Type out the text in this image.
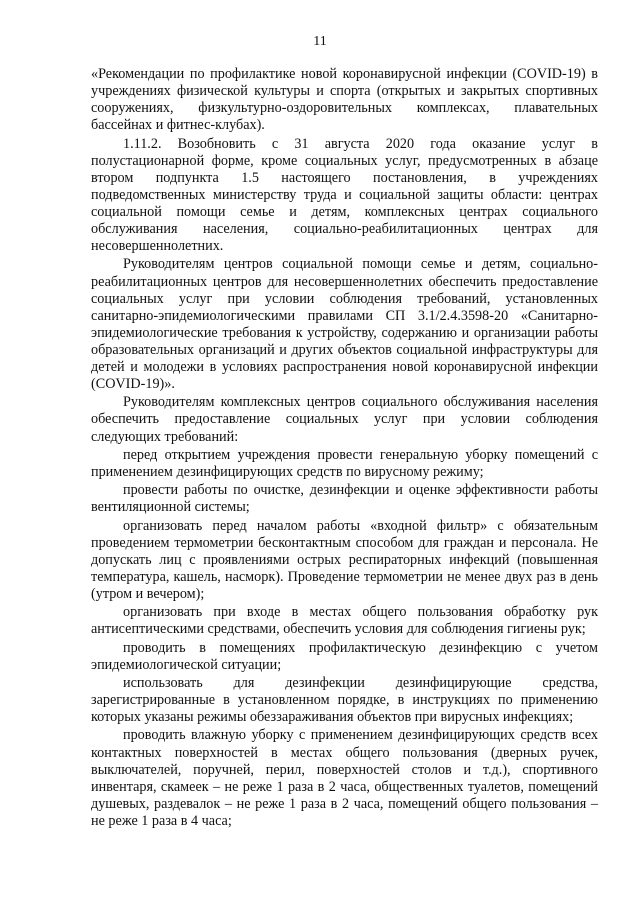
11

«Рекомендации по профилактике новой коронавирусной инфекции (COVID-19) в учреждениях физической культуры и спорта (открытых и закрытых спортивных сооружениях, физкультурно-оздоровительных комплексах, плавательных бассейнах и фитнес-клубах).

1.11.2. Возобновить с 31 августа 2020 года оказание услуг в полустационарной форме, кроме социальных услуг, предусмотренных в абзаце втором подпункта 1.5 настоящего постановления, в учреждениях подведомственных министерству труда и социальной защиты области: центрах социальной помощи семье и детям, комплексных центрах социального обслуживания населения, социально-реабилитационных центрах для несовершеннолетних.

Руководителям центров социальной помощи семье и детям, социально-реабилитационных центров для несовершеннолетних обеспечить предоставление социальных услуг при условии соблюдения требований, установленных санитарно-эпидемиологическими правилами СП 3.1/2.4.3598-20 «Санитарно-эпидемиологические требования к устройству, содержанию и организации работы образовательных организаций и других объектов социальной инфраструктуры для детей и молодежи в условиях распространения новой коронавирусной инфекции (COVID-19)».

Руководителям комплексных центров социального обслуживания населения обеспечить предоставление социальных услуг при условии соблюдения следующих требований:

перед открытием учреждения провести генеральную уборку помещений с применением дезинфицирующих средств по вирусному режиму;

провести работы по очистке, дезинфекции и оценке эффективности работы вентиляционной системы;

организовать перед началом работы «входной фильтр» с обязательным проведением термометрии бесконтактным способом для граждан и персонала. Не допускать лиц с проявлениями острых респираторных инфекций (повышенная температура, кашель, насморк). Проведение термометрии не менее двух раз в день (утром и вечером);

организовать при входе в местах общего пользования обработку рук антисептическими средствами, обеспечить условия для соблюдения гигиены рук;

проводить в помещениях профилактическую дезинфекцию с учетом эпидемиологической ситуации;

использовать для дезинфекции дезинфицирующие средства, зарегистрированные в установленном порядке, в инструкциях по применению которых указаны режимы обеззараживания объектов при вирусных инфекциях;

проводить влажную уборку с применением дезинфицирующих средств всех контактных поверхностей в местах общего пользования (дверных ручек, выключателей, поручней, перил, поверхностей столов и т.д.), спортивного инвентаря, скамеек – не реже 1 раза в 2 часа, общественных туалетов, помещений душевых, раздевалок – не реже 1 раза в 2 часа, помещений общего пользования – не реже 1 раза в 4 часа;
